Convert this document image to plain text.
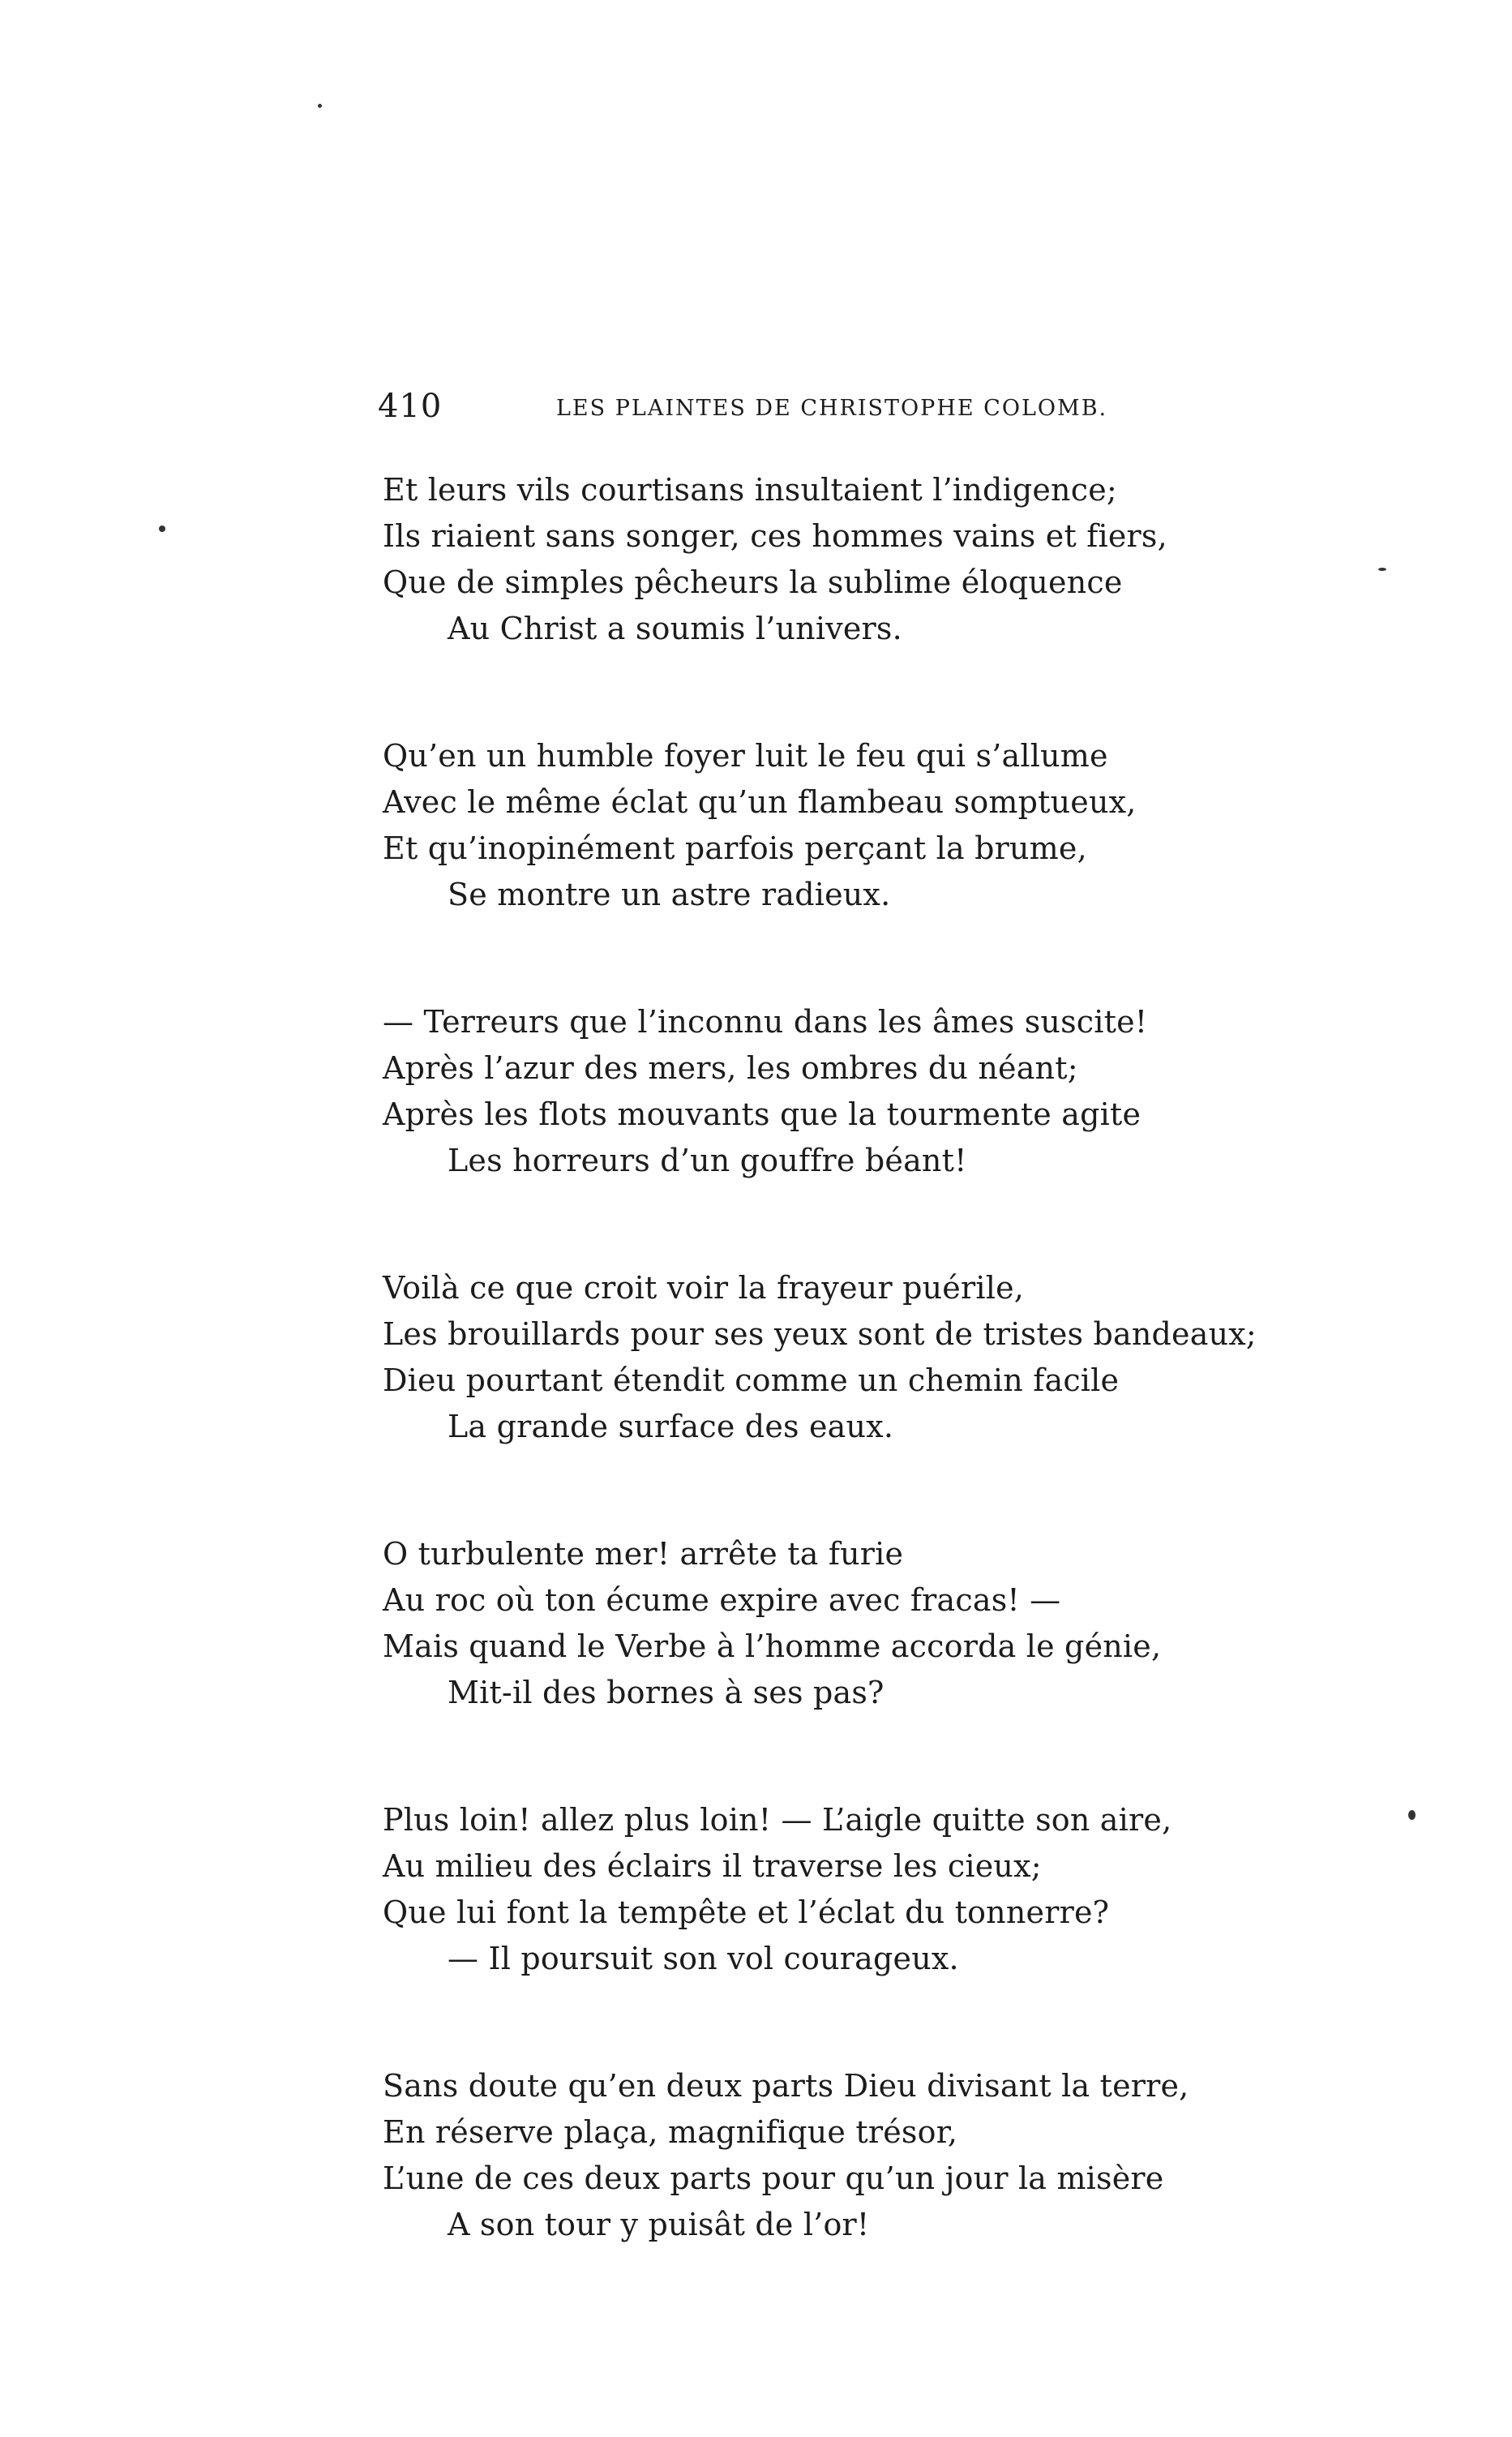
410	LES PLAINTES DE CHRISTOPHE COLOMB.
Et leurs vils courtisans insultaient l’indigence;
Ils riaient sans songer, ces hommes vains et fiers,
Que de simples pêcheurs la sublime éloquence
Au Christ a soumis l’univers.
Qu’en un humble foyer luit le feu qui s’allume
Avec le même éclat qu’un flambeau somptueux,
Et qu’inopinément parfois perçant la brume,
Se montre un astre radieux.
— Terreurs que l’inconnu dans les âmes suscite!
Après l’azur des mers, les ombres du néant;
Après les flots mouvants que la tourmente agite
Les horreurs d’un gouffre béant!
Voilà ce que croit voir la frayeur puérile,
Les brouillards pour ses yeux sont de tristes bandeaux;
Dieu pourtant étendit comme un chemin facile
La grande surface des eaux.
O turbulente mer! arrête ta furie
Au roc où ton écume expire avec fracas! —
Mais quand le Verbe à l’homme accorda le génie,
Mit-il des bornes à ses pas?
Plus loin! allez plus loin! — L’aigle quitte son aire,
Au milieu des éclairs il traverse les cieux;
Que lui font la tempête et l’éclat du tonnerre?
— Il poursuit son vol courageux.
Sans doute qu’en deux parts Dieu divisant la terre,
En réserve plaça, magnifique trésor,
L’une de ces deux parts pour qu’un jour la misère
A son tour y puisât de l’or!
